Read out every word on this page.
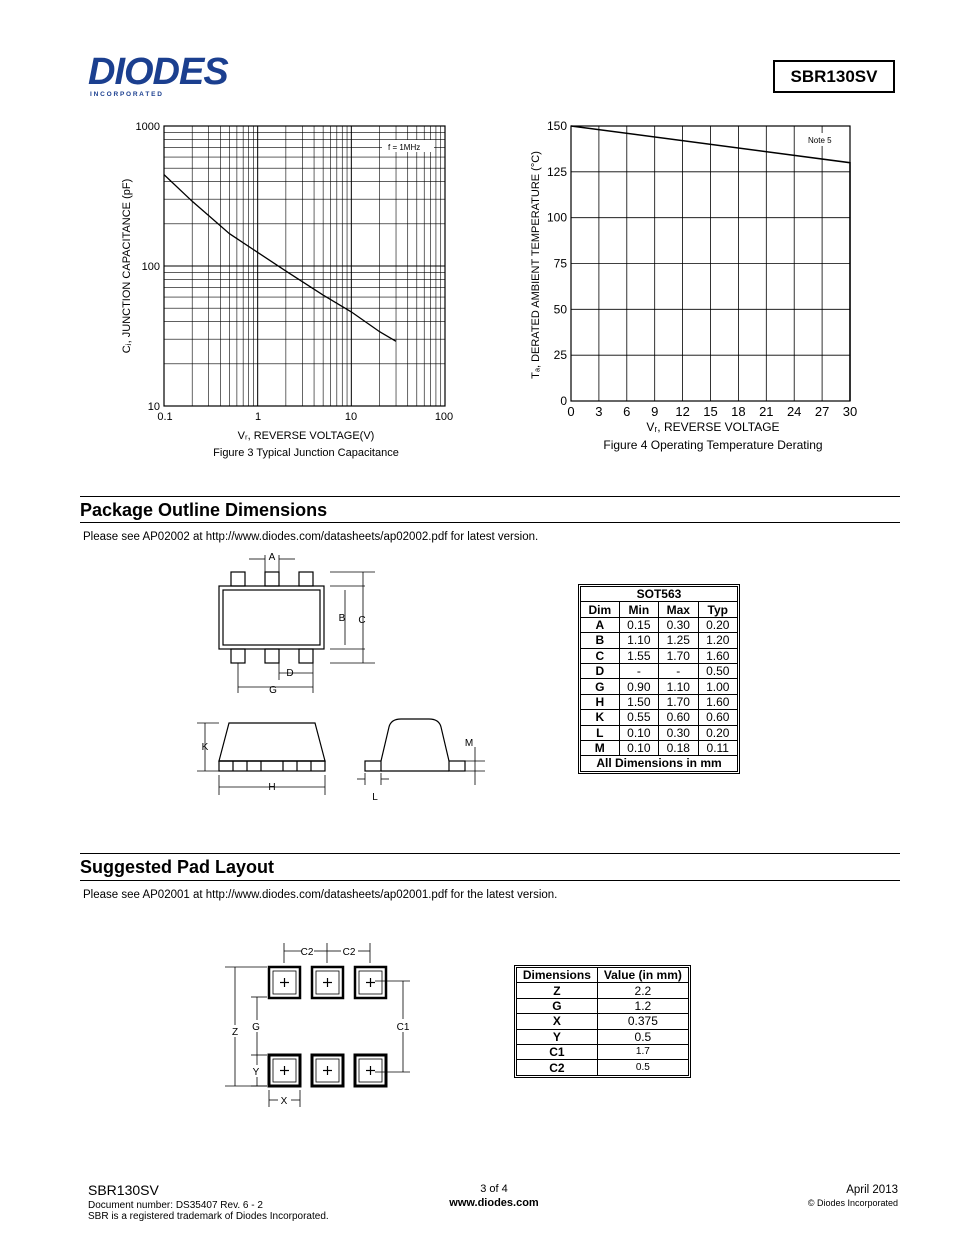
DIODES
I N C O R P O R A T E D
SBR130SV
f = 1MHz
1000
100
10
0.1	1	10	100
Vᵣ, REVERSE VOLTAGE(V)
Figure 3 Typical Junction Capacitance
Cⱼ, JUNCTION CAPACITANCE (pF)
Note 5
0
25
50
75
100
125
150
0 3 6 9 12 15 18 21 24 27 30
Vᵣ, REVERSE VOLTAGE
Figure 4 Operating Temperature Derating
Tₐ, DERATED AMBIENT TEMPERATURE (°C)
Package Outline Dimensions
Please see AP02002 at http://www.diodes.com/datasheets/ap02002.pdf for latest version.
A
B C
D
G
K
H
M
L
SOT563			
Dim	Min	Max	Typ
A	0.15	0.30	0.20
B	1.10	1.25	1.20
C	1.55	1.70	1.60
D	-	-	0.50
G	0.90	1.10	1.00
H	1.50	1.70	1.60
K	0.55	0.60	0.60
L	0.10	0.30	0.20
M	0.10	0.18	0.11
All Dimensions in mm			
Suggested Pad Layout
Please see AP02001 at http://www.diodes.com/datasheets/ap02001.pdf for the latest version.
C2	C2
Z G
Y
X
C1
Dimensions	Value (in mm)
Z	2.2
G	1.2
X	0.375
Y	0.5
C1	1.7
C2	0.5
SBR130SV
Document number: DS35407 Rev. 6 - 2
SBR is a registered trademark of Diodes Incorporated.
3 of 4
www.diodes.com
April 2013
© Diodes Incorporated
